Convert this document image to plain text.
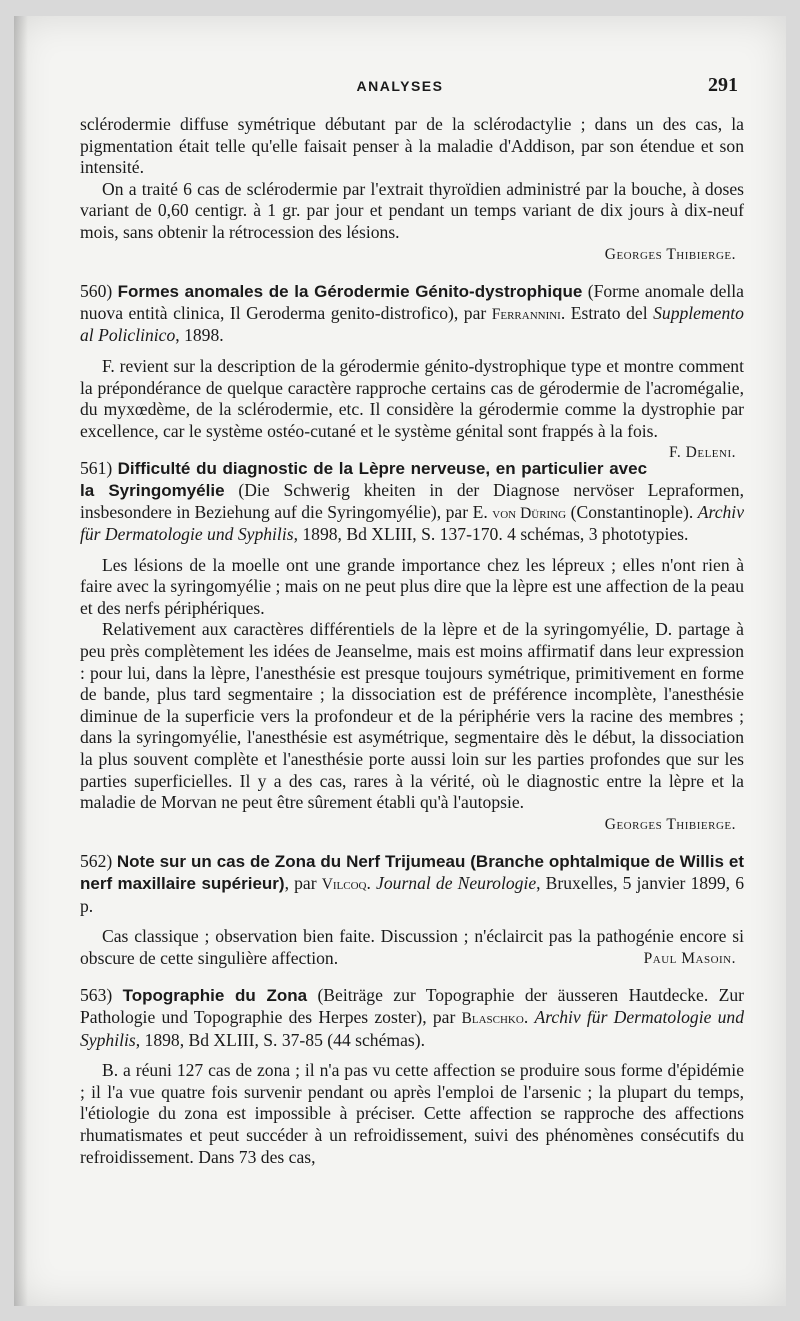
ANALYSES	291

sclérodermie diffuse symétrique débutant par de la sclérodactylie ; dans un des cas, la pigmentation était telle qu'elle faisait penser à la maladie d'Addison, par son étendue et son intensité.

On a traité 6 cas de sclérodermie par l'extrait thyroïdien administré par la bouche, à doses variant de 0,60 centigr. à 1 gr. par jour et pendant un temps variant de dix jours à dix-neuf mois, sans obtenir la rétrocession des lésions.

Georges Thibierge.

560) Formes anomales de la Gérodermie Génito-dystrophique (Forme anomale della nuova entità clinica, Il Geroderma genito-distrofico), par Ferrannini. Estrato del Supplemento al Policlinico, 1898.

F. revient sur la description de la gérodermie génito-dystrophique type et montre comment la prépondérance de quelque caractère rapproche certains cas de gérodermie de l'acromégalie, du myxœdème, de la sclérodermie, etc. Il considère la gérodermie comme la dystrophie par excellence, car le système ostéo-cutané et le système génital sont frappés à la fois.
F. Deleni.

561) Difficulté du diagnostic de la Lèpre nerveuse, en particulier avec la Syringomyélie (Die Schwerig kheiten in der Diagnose nervöser Lepraformen, insbesondere in Beziehung auf die Syringomyélie), par E. von Düring (Constantinople). Archiv für Dermatologie und Syphilis, 1898, Bd XLIII, S. 137-170. 4 schémas, 3 phototypies.

Les lésions de la moelle ont une grande importance chez les lépreux ; elles n'ont rien à faire avec la syringomyélie ; mais on ne peut plus dire que la lèpre est une affection de la peau et des nerfs périphériques.

Relativement aux caractères différentiels de la lèpre et de la syringomyélie, D. partage à peu près complètement les idées de Jeanselme, mais est moins affirmatif dans leur expression : pour lui, dans la lèpre, l'anesthésie est presque toujours symétrique, primitivement en forme de bande, plus tard segmentaire ; la dissociation est de préférence incomplète, l'anesthésie diminue de la superficie vers la profondeur et de la périphérie vers la racine des membres ; dans la syringomyélie, l'anesthésie est asymétrique, segmentaire dès le début, la dissociation la plus souvent complète et l'anesthésie porte aussi loin sur les parties profondes que sur les parties superficielles. Il y a des cas, rares à la vérité, où le diagnostic entre la lèpre et la maladie de Morvan ne peut être sûrement établi qu'à l'autopsie.

Georges Thibierge.

562) Note sur un cas de Zona du Nerf Trijumeau (Branche ophtalmique de Willis et nerf maxillaire supérieur), par Vilcoq. Journal de Neurologie, Bruxelles, 5 janvier 1899, 6 p.

Cas classique ; observation bien faite. Discussion ; n'éclaircit pas la pathogénie encore si obscure de cette singulière affection.	Paul Masoin.

563) Topographie du Zona (Beiträge zur Topographie der äusseren Hautdecke. Zur Pathologie und Topographie des Herpes zoster), par Blaschko. Archiv für Dermatologie und Syphilis, 1898, Bd XLIII, S. 37-85 (44 schémas).

B. a réuni 127 cas de zona ; il n'a pas vu cette affection se produire sous forme d'épidémie ; il l'a vue quatre fois survenir pendant ou après l'emploi de l'arsenic ; la plupart du temps, l'étiologie du zona est impossible à préciser. Cette affection se rapproche des affections rhumatismates et peut succéder à un refroidissement, suivi des phénomènes consécutifs du refroidissement. Dans 73 des cas,
